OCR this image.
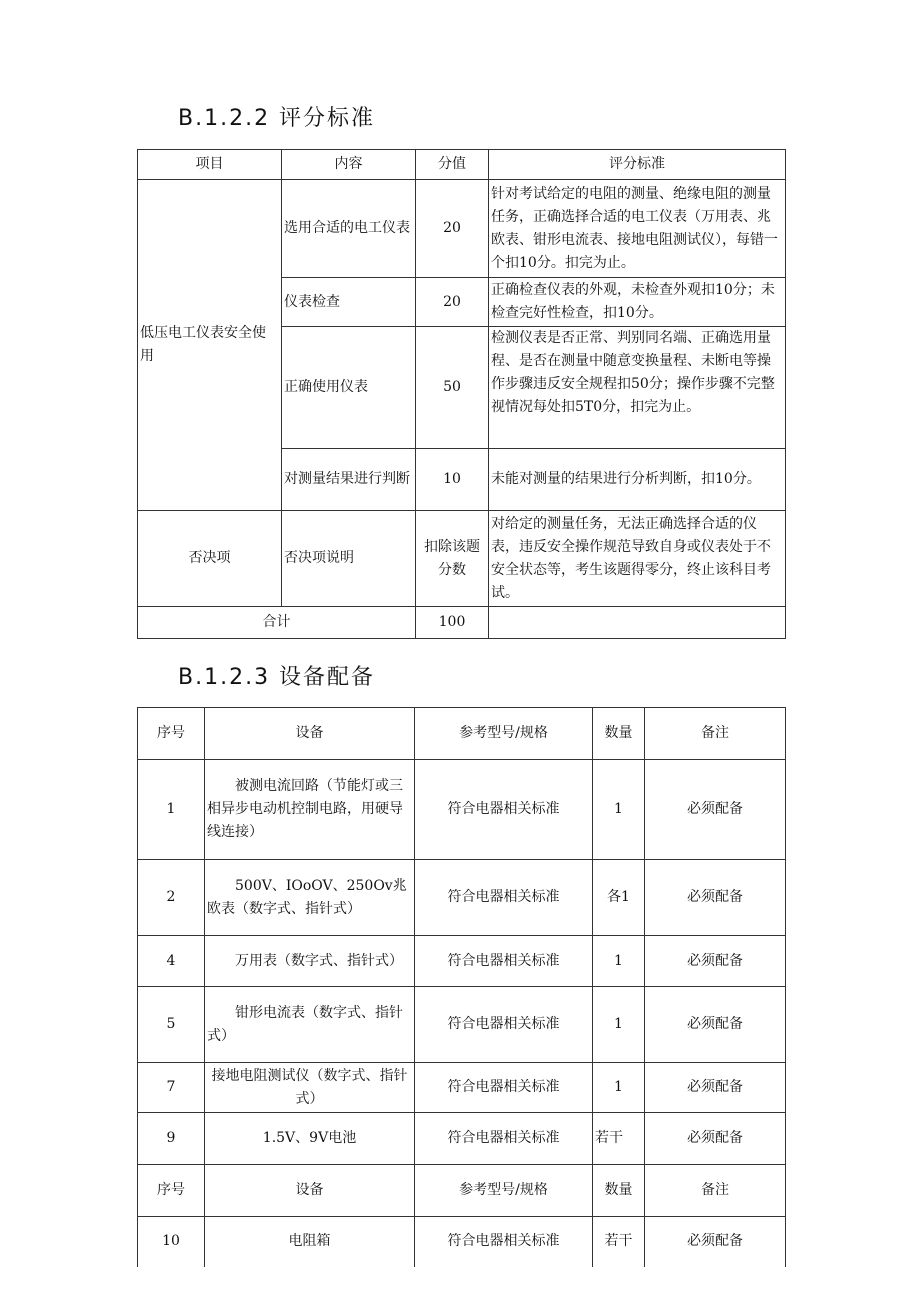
B.1.2.2 评分标准
项目	内容	分值	评分标准
低压电工仪表安全使用	选用合适的电工仪表	20	针对考试给定的电阻的测量、绝缘电阻的测量任务，正确选择合适的电工仪表（万用表、兆欧表、钳形电流表、接地电阻测试仪），每错一个扣10分。扣完为止。
	仪表检查	20	正确检查仪表的外观，未检查外观扣10分；未检查完好性检查，扣10分。
	正确使用仪表	50	检测仪表是否正常、判别同名端、正确选用量程、是否在测量中随意变换量程、未断电等操作步骤违反安全规程扣50分；操作步骤不完整视情况每处扣5T0分，扣完为止。
	对测量结果进行判断	10	未能对测量的结果进行分析判断，扣10分。
否决项	否决项说明	扣除该题分数	对给定的测量任务，无法正确选择合适的仪表，违反安全操作规范导致自身或仪表处于不安全状态等，考生该题得零分，终止该科目考试。
合计		100	
B.1.2.3 设备配备
序号	设备	参考型号/规格	数量	备注
1	被测电流回路（节能灯或三相异步电动机控制电路，用硬导线连接）	符合电器相关标准	1	必须配备
2	500V、IOoOV、250Ov兆欧表（数字式、指针式）	符合电器相关标准	各1	必须配备
4	万用表（数字式、指针式）	符合电器相关标准	1	必须配备
5	钳形电流表（数字式、指针式）	符合电器相关标准	1	必须配备
7	接地电阻测试仪（数字式、指针式）	符合电器相关标准	1	必须配备
9	1.5V、9V电池	符合电器相关标准	若干	必须配备
序号	设备	参考型号/规格	数量	备注
10	电阻箱	符合电器相关标准	若干	必须配备
